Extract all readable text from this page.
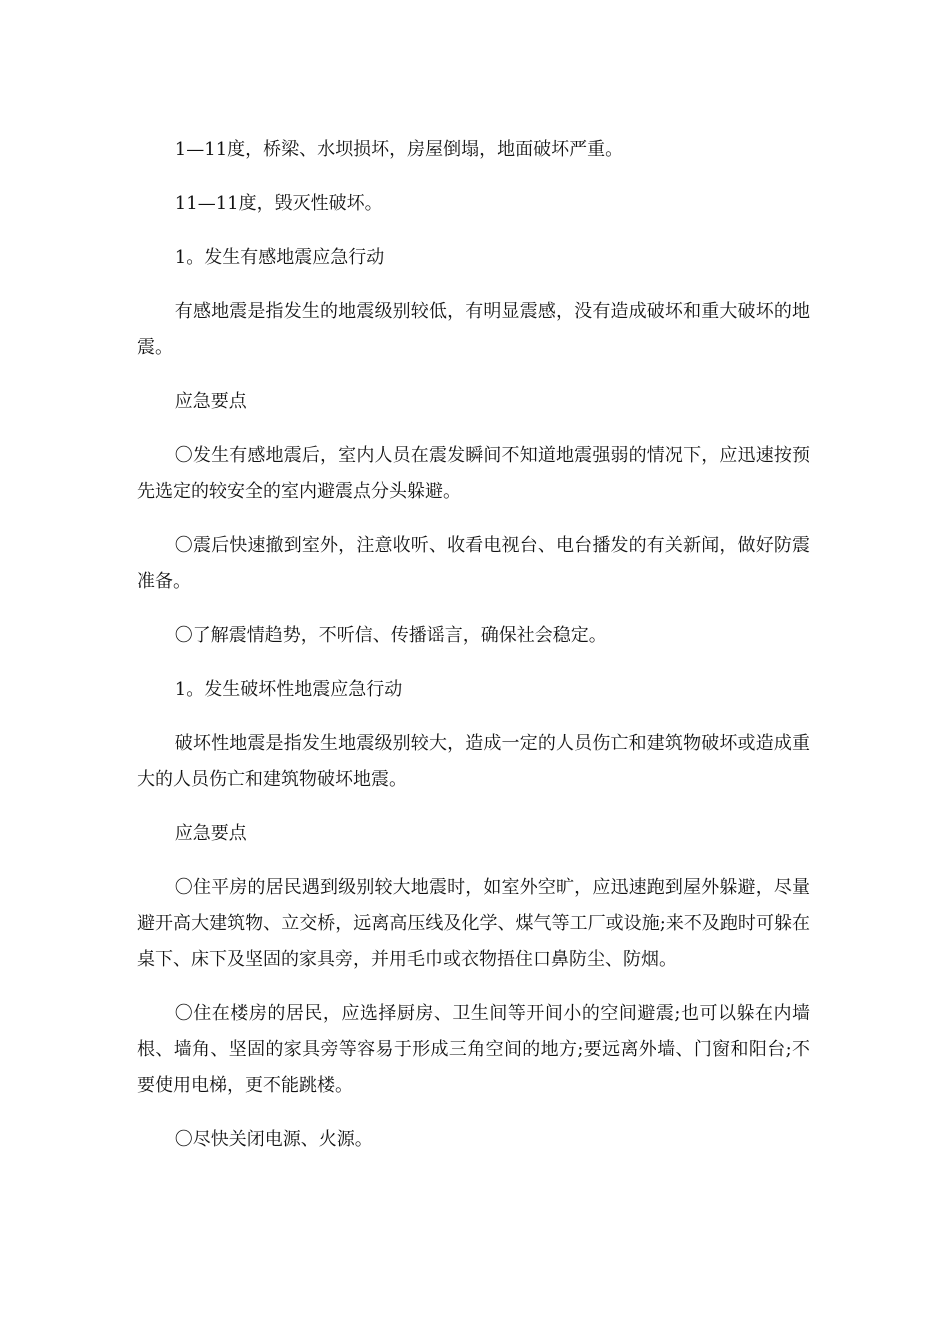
1—11度，桥梁、水坝损坏，房屋倒塌，地面破坏严重。

11—11度，毁灭性破坏。

1。发生有感地震应急行动

有感地震是指发生的地震级别较低，有明显震感，没有造成破坏和重大破坏的地震。

应急要点

〇发生有感地震后，室内人员在震发瞬间不知道地震强弱的情况下，应迅速按预先选定的较安全的室内避震点分头躲避。

〇震后快速撤到室外，注意收听、收看电视台、电台播发的有关新闻，做好防震准备。

〇了解震情趋势，不听信、传播谣言，确保社会稳定。

1。发生破坏性地震应急行动

破坏性地震是指发生地震级别较大，造成一定的人员伤亡和建筑物破坏或造成重大的人员伤亡和建筑物破坏地震。

应急要点

〇住平房的居民遇到级别较大地震时，如室外空旷，应迅速跑到屋外躲避，尽量避开高大建筑物、立交桥，远离高压线及化学、煤气等工厂或设施;来不及跑时可躲在桌下、床下及坚固的家具旁，并用毛巾或衣物捂住口鼻防尘、防烟。

〇住在楼房的居民，应选择厨房、卫生间等开间小的空间避震;也可以躲在内墙根、墙角、坚固的家具旁等容易于形成三角空间的地方;要远离外墙、门窗和阳台;不要使用电梯，更不能跳楼。

〇尽快关闭电源、火源。
